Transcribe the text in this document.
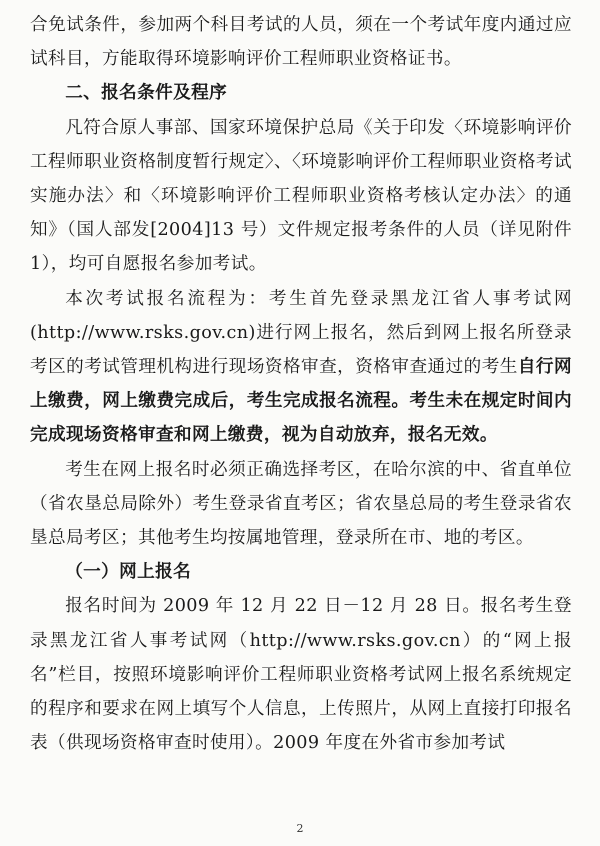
合免试条件，参加两个科目考试的人员，须在一个考试年度内通过应试科目，方能取得环境影响评价工程师职业资格证书。

二、报名条件及程序

凡符合原人事部、国家环境保护总局《关于印发〈环境影响评价工程师职业资格制度暂行规定〉、〈环境影响评价工程师职业资格考试实施办法〉和〈环境影响评价工程师职业资格考核认定办法〉的通知》（国人部发[2004]13 号）文件规定报考条件的人员（详见附件 1），均可自愿报名参加考试。

本次考试报名流程为：考生首先登录黑龙江省人事考试网(http://www.rsks.gov.cn)进行网上报名，然后到网上报名所登录考区的考试管理机构进行现场资格审查，资格审查通过的考生自行网上缴费，网上缴费完成后，考生完成报名流程。考生未在规定时间内完成现场资格审查和网上缴费，视为自动放弃，报名无效。

考生在网上报名时必须正确选择考区，在哈尔滨的中、省直单位（省农垦总局除外）考生登录省直考区；省农垦总局的考生登录省农垦总局考区；其他考生均按属地管理，登录所在市、地的考区。

（一）网上报名

报名时间为 2009 年 12 月 22 日－12 月 28 日。报名考生登录黑龙江省人事考试网（http://www.rsks.gov.cn）的“网上报名”栏目，按照环境影响评价工程师职业资格考试网上报名系统规定的程序和要求在网上填写个人信息，上传照片，从网上直接打印报名表（供现场资格审查时使用）。2009 年度在外省市参加考试

2
